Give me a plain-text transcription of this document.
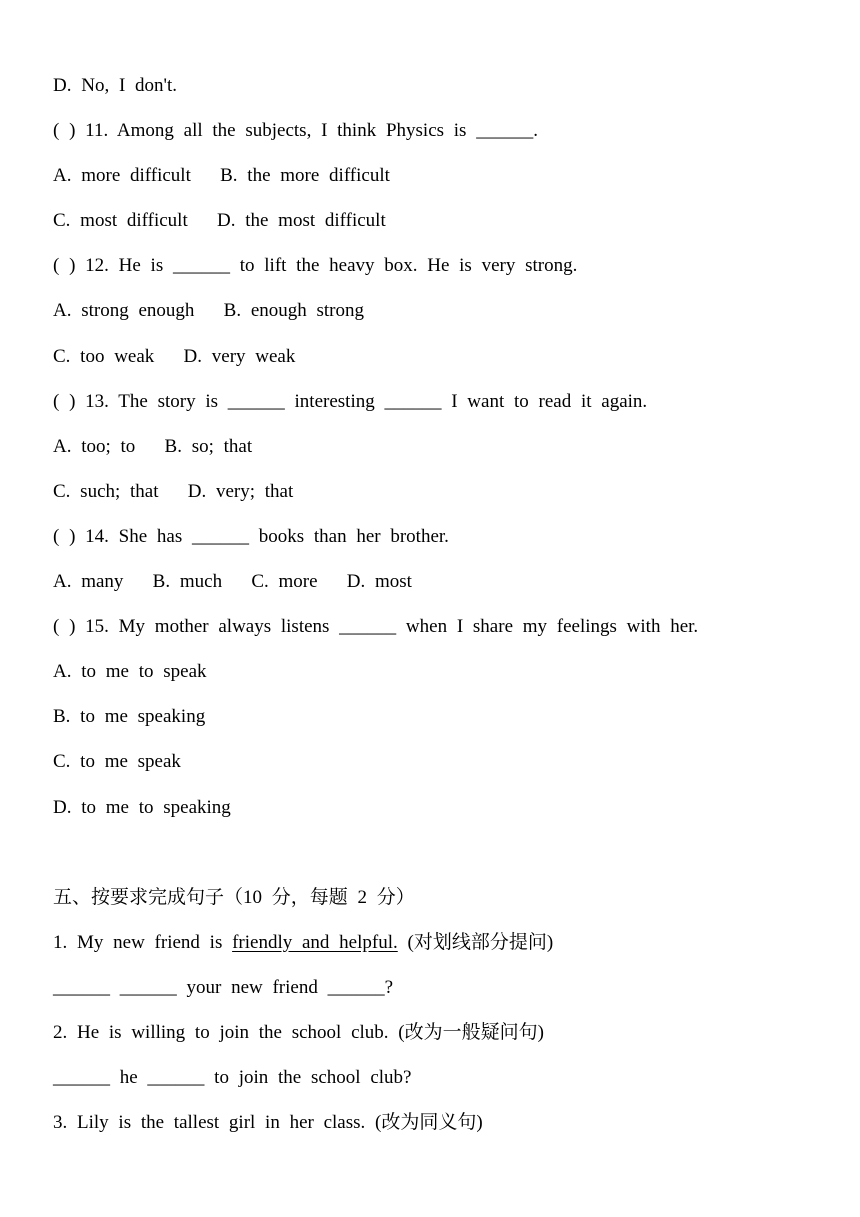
D. No, I don't.
( ) 11. Among all the subjects, I think Physics is ______.
A. more difficult   B. the more difficult
C. most difficult   D. the most difficult
( ) 12. He is ______ to lift the heavy box. He is very strong.
A. strong enough   B. enough strong
C. too weak   D. very weak
( ) 13. The story is ______ interesting ______ I want to read it again.
A. too; to   B. so; that
C. such; that   D. very; that
( ) 14. She has ______ books than her brother.
A. many   B. much   C. more   D. most
( ) 15. My mother always listens ______ when I share my feelings with her.
A. to me to speak
B. to me speaking
C. to me speak
D. to me to speaking
五、按要求完成句子（10 分，每题 2 分）
1. My new friend is friendly and helpful. (对划线部分提问)
______ ______ your new friend ______?
2. He is willing to join the school club. (改为一般疑问句)
______ he ______ to join the school club?
3. Lily is the tallest girl in her class. (改为同义句)
